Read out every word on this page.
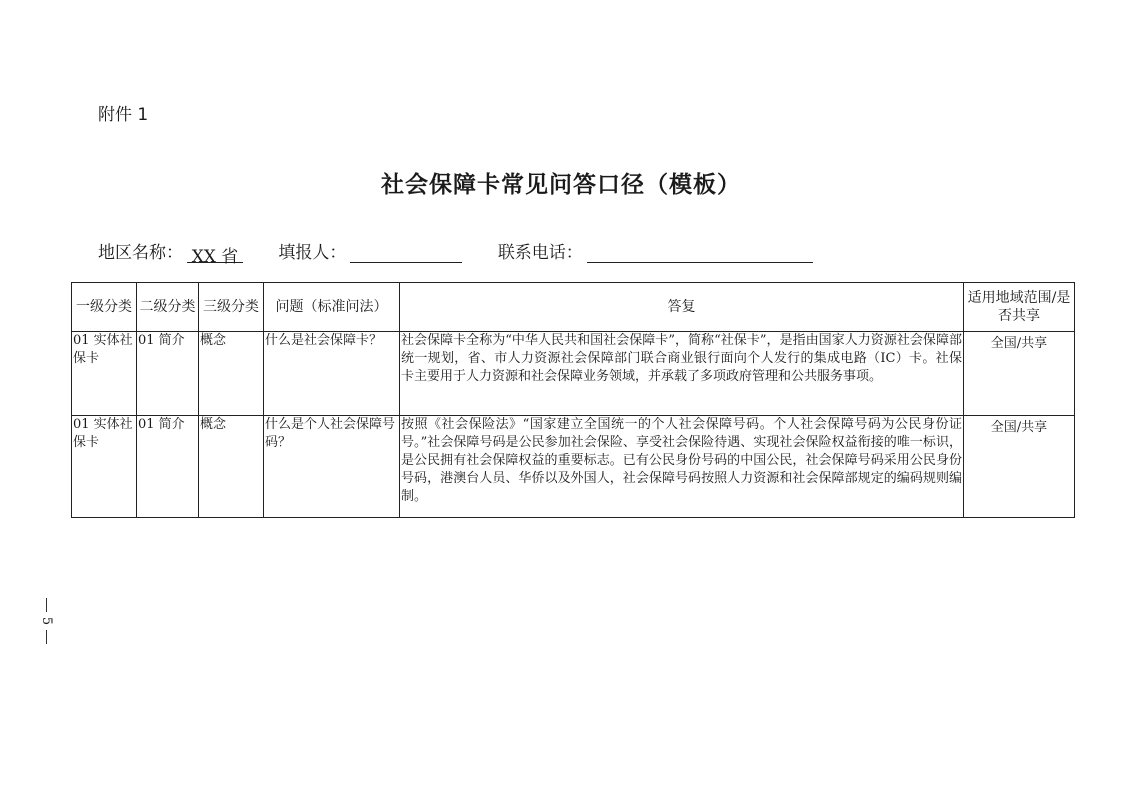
附件 1
社会保障卡常见问答口径（模板）
地区名称： XX 省 填报人：	联系电话：
一级分类	二级分类	三级分类	问题（标准问法）	答复	适用地域范围/是否共享
01 实体社保卡	01 简介	概念	什么是社会保障卡？	社会保障卡全称为“中华人民共和国社会保障卡”，简称“社保卡”，是指由国家人力资源社会保障部统一规划，省、市人力资源社会保障部门联合商业银行面向个人发行的集成电路（IC）卡。社保卡主要用于人力资源和社会保障业务领域，并承载了多项政府管理和公共服务事项。	全国/共享
01 实体社保卡	01 简介	概念	什么是个人社会保障号码？	按照《社会保险法》“国家建立全国统一的个人社会保障号码。个人社会保障号码为公民身份证号。”社会保障号码是公民参加社会保险、享受社会保险待遇、实现社会保险权益衔接的唯一标识，是公民拥有社会保障权益的重要标志。已有公民身份号码的中国公民，社会保障号码采用公民身份号码，港澳台人员、华侨以及外国人，社会保障号码按照人力资源和社会保障部规定的编码规则编制。	全国/共享
5
